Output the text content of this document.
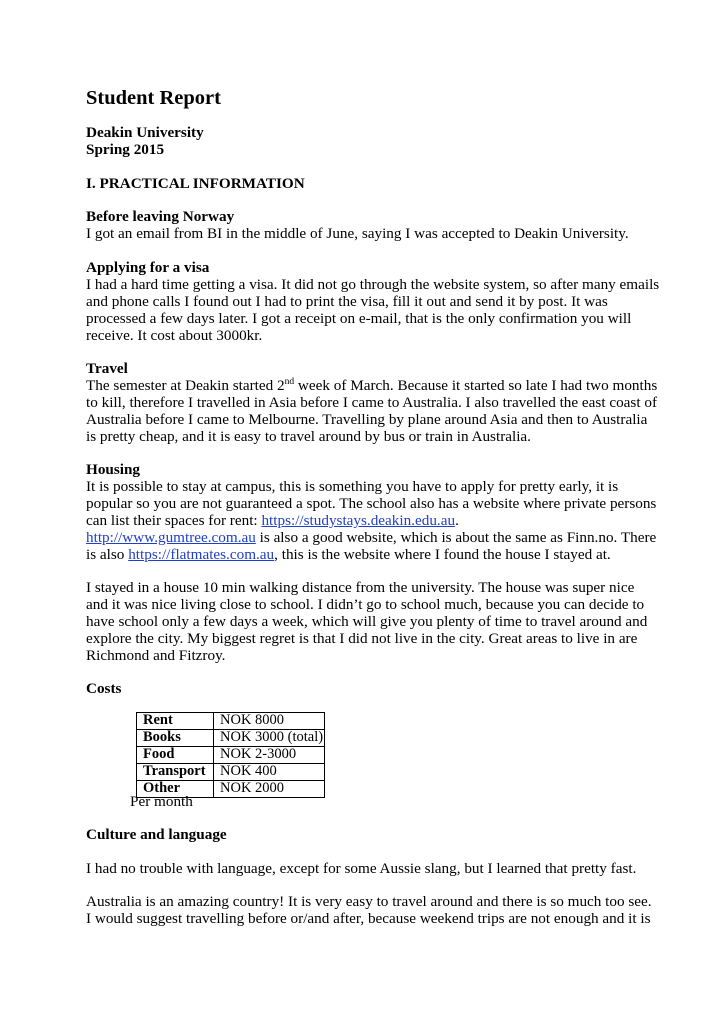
Student Report
Deakin University
Spring 2015
I. PRACTICAL INFORMATION
Before leaving Norway

I got an email from BI in the middle of June, saying I was accepted to Deakin University.

Applying for a visa

I had a hard time getting a visa. It did not go through the website system, so after many emails

and phone calls I found out I had to print the visa, fill it out and send it by post. It was

processed a few days later. I got a receipt on e-mail, that is the only confirmation you will

receive. It cost about 3000kr.

Travel

The semester at Deakin started 2nd week of March. Because it started so late I had two months

to kill, therefore I travelled in Asia before I came to Australia. I also travelled the east coast of

Australia before I came to Melbourne. Travelling by plane around Asia and then to Australia

is pretty cheap, and it is easy to travel around by bus or train in Australia.

Housing

It is possible to stay at campus, this is something you have to apply for pretty early, it is

popular so you are not guaranteed a spot. The school also has a website where private persons

can list their spaces for rent: https://studystays.deakin.edu.au.

http://www.gumtree.com.au is also a good website, which is about the same as Finn.no. There

is also https://flatmates.com.au, this is the website where I found the house I stayed at.

I stayed in a house 10 min walking distance from the university. The house was super nice

and it was nice living close to school. I didn’t go to school much, because you can decide to

have school only a few days a week, which will give you plenty of time to travel around and

explore the city. My biggest regret is that I did not live in the city. Great areas to live in are

Richmond and Fitzroy.

Costs
Rent	NOK 8000
Books	NOK 3000 (total)
Food	NOK 2-3000
Transport	NOK 400
Other	NOK 2000
Per month
Culture and language

I had no trouble with language, except for some Aussie slang, but I learned that pretty fast.

Australia is an amazing country! It is very easy to travel around and there is so much too see.

I would suggest travelling before or/and after, because weekend trips are not enough and it is
